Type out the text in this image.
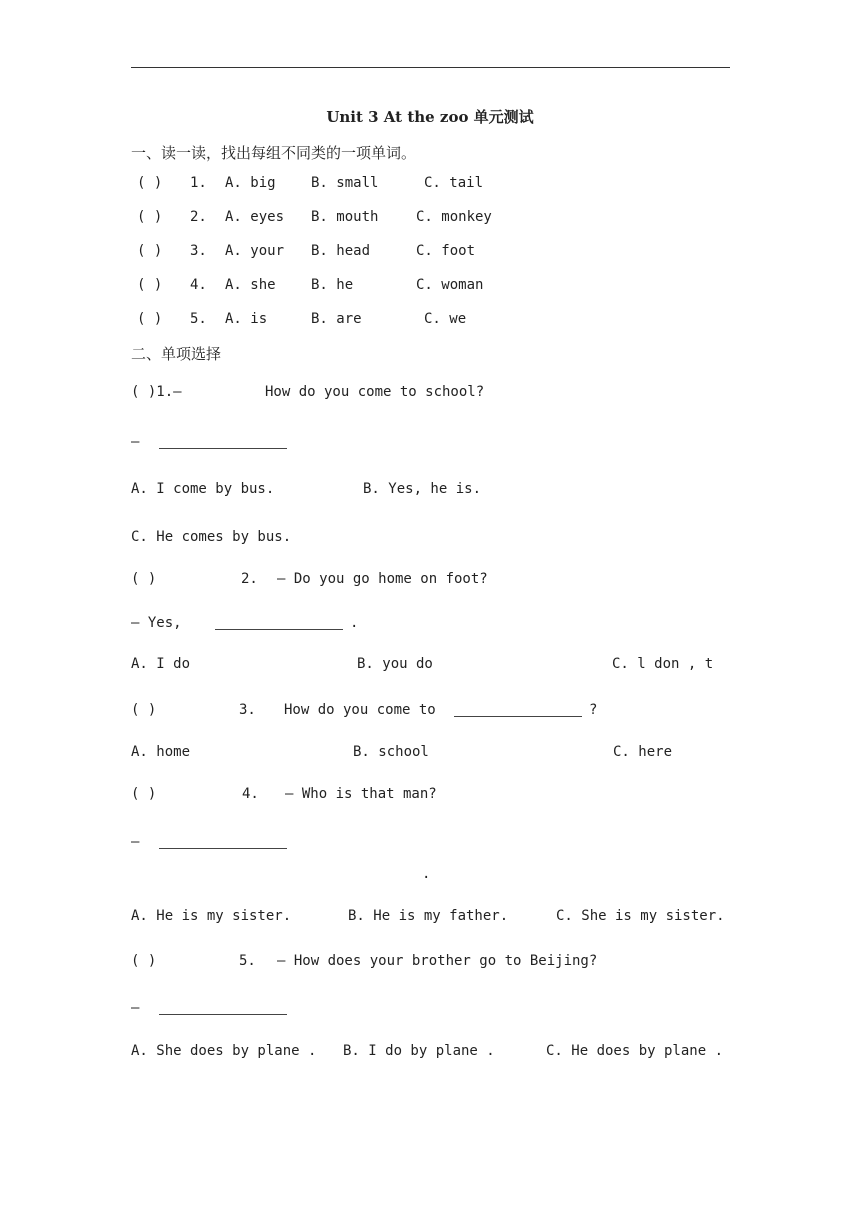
Unit 3 At the zoo 单元测试
一、读一读，找出每组不同类的一项单词。
( ) 1. A. big	B. small	C. tail
( ) 2. A. eyes B. mouth	C. monkey
( ) 3. A. your B. head	C. foot
( ) 4. A. she	B. he	C. woman
( ) 5. A. is	B. are	C. we
二、单项选择
( )1.—	How do you come to school?
—
A. I come by bus.	B. Yes, he is.
C. He comes by bus.
( )	2. — Do you go home on foot?
— Yes,	.
A. I do	B. you do	C. l don , t
( )	3. How do you come to	?
A. home	B. school	C. here
( )	4. — Who is that man?
—
.
A. He is my sister.	B. He is my father.	C. She is my sister.
( )	5. — How does your brother go to Beijing?
—
A. She does by plane . B. I do by plane .	C. He does by plane .
